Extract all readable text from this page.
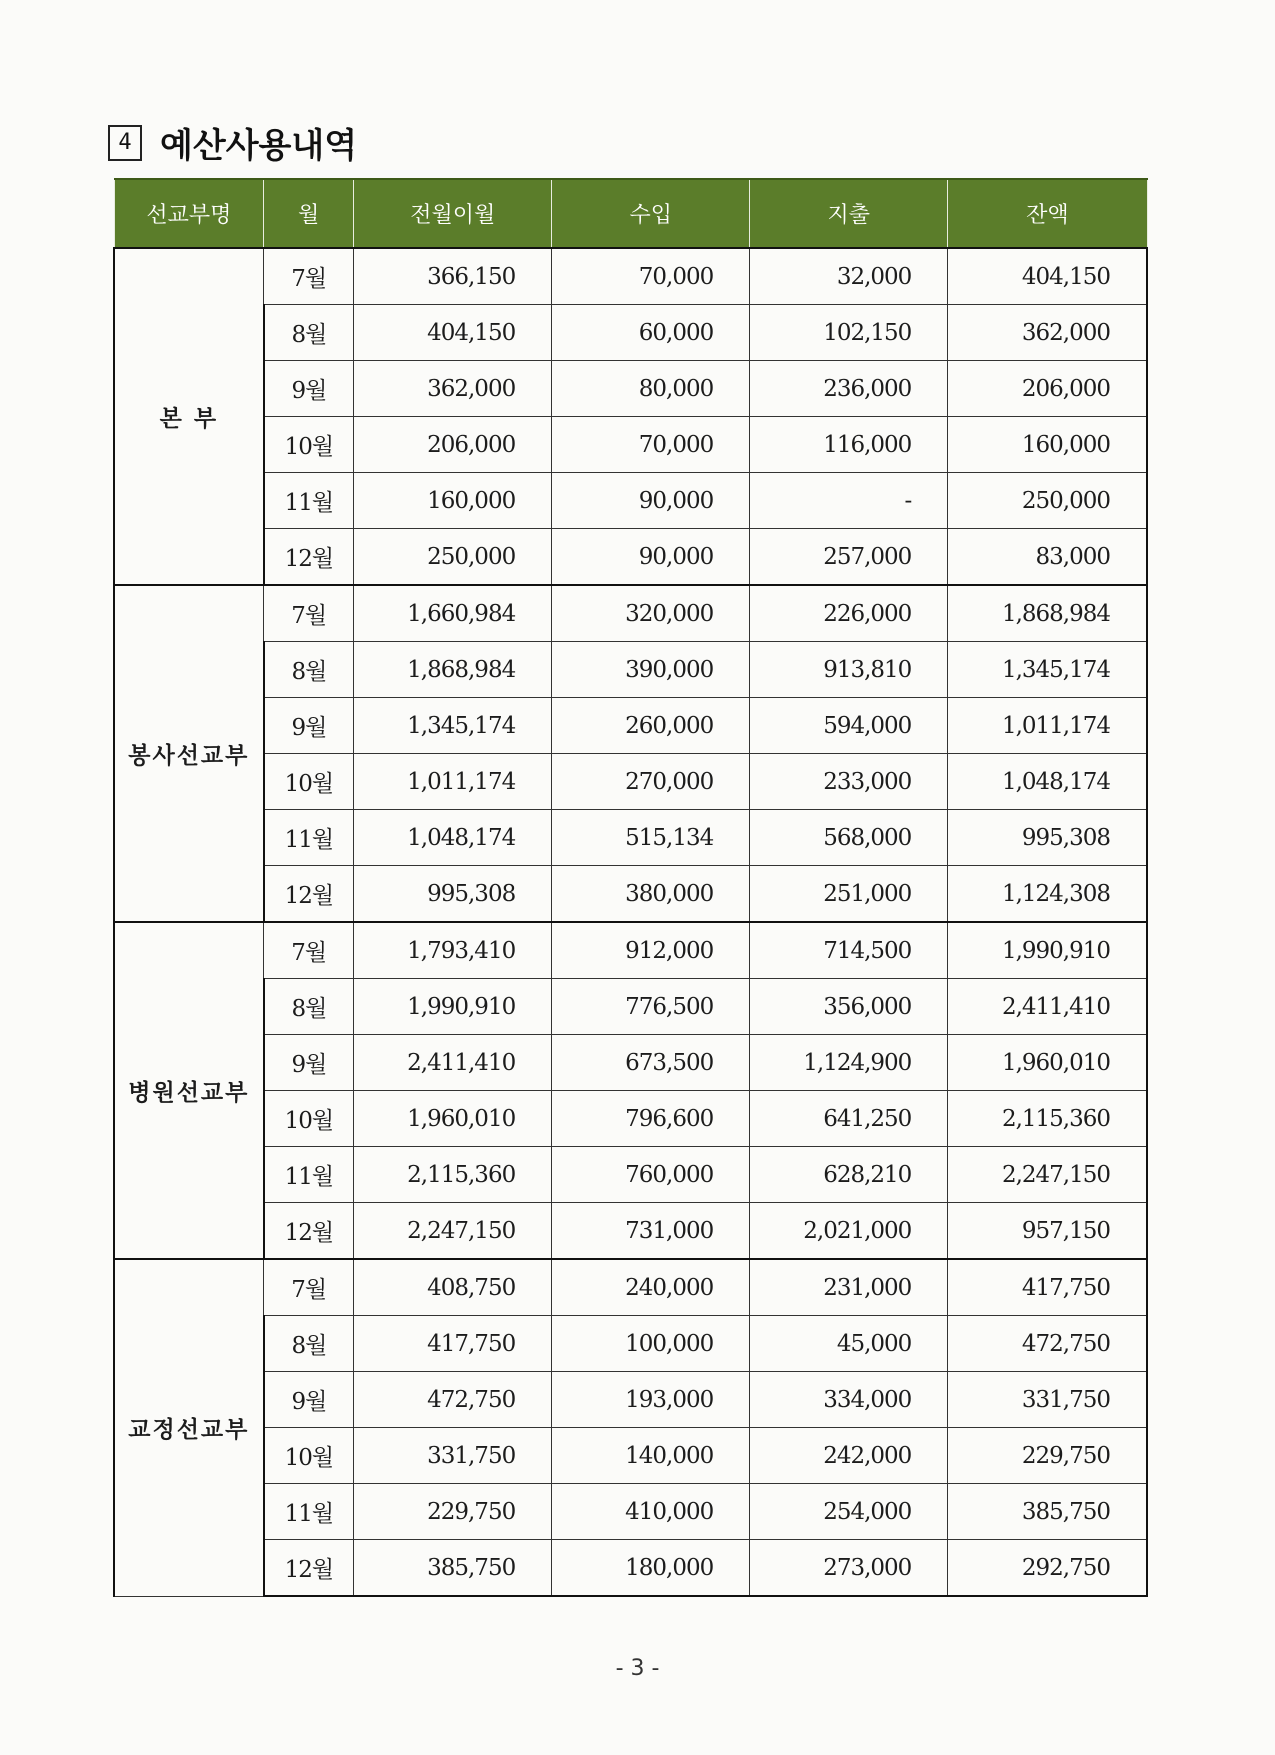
4 예산사용내역
선교부명	월	전월이월	수입	지출	잔액
본 부	7월	366,150	70,000	32,000	404,150
	8월	404,150	60,000	102,150	362,000
	9월	362,000	80,000	236,000	206,000
	10월	206,000	70,000	116,000	160,000
	11월	160,000	90,000	-	250,000
	12월	250,000	90,000	257,000	83,000
봉사선교부	7월	1,660,984	320,000	226,000	1,868,984
	8월	1,868,984	390,000	913,810	1,345,174
	9월	1,345,174	260,000	594,000	1,011,174
	10월	1,011,174	270,000	233,000	1,048,174
	11월	1,048,174	515,134	568,000	995,308
	12월	995,308	380,000	251,000	1,124,308
병원선교부	7월	1,793,410	912,000	714,500	1,990,910
	8월	1,990,910	776,500	356,000	2,411,410
	9월	2,411,410	673,500	1,124,900	1,960,010
	10월	1,960,010	796,600	641,250	2,115,360
	11월	2,115,360	760,000	628,210	2,247,150
	12월	2,247,150	731,000	2,021,000	957,150
교정선교부	7월	408,750	240,000	231,000	417,750
	8월	417,750	100,000	45,000	472,750
	9월	472,750	193,000	334,000	331,750
	10월	331,750	140,000	242,000	229,750
	11월	229,750	410,000	254,000	385,750
	12월	385,750	180,000	273,000	292,750
- 3 -
